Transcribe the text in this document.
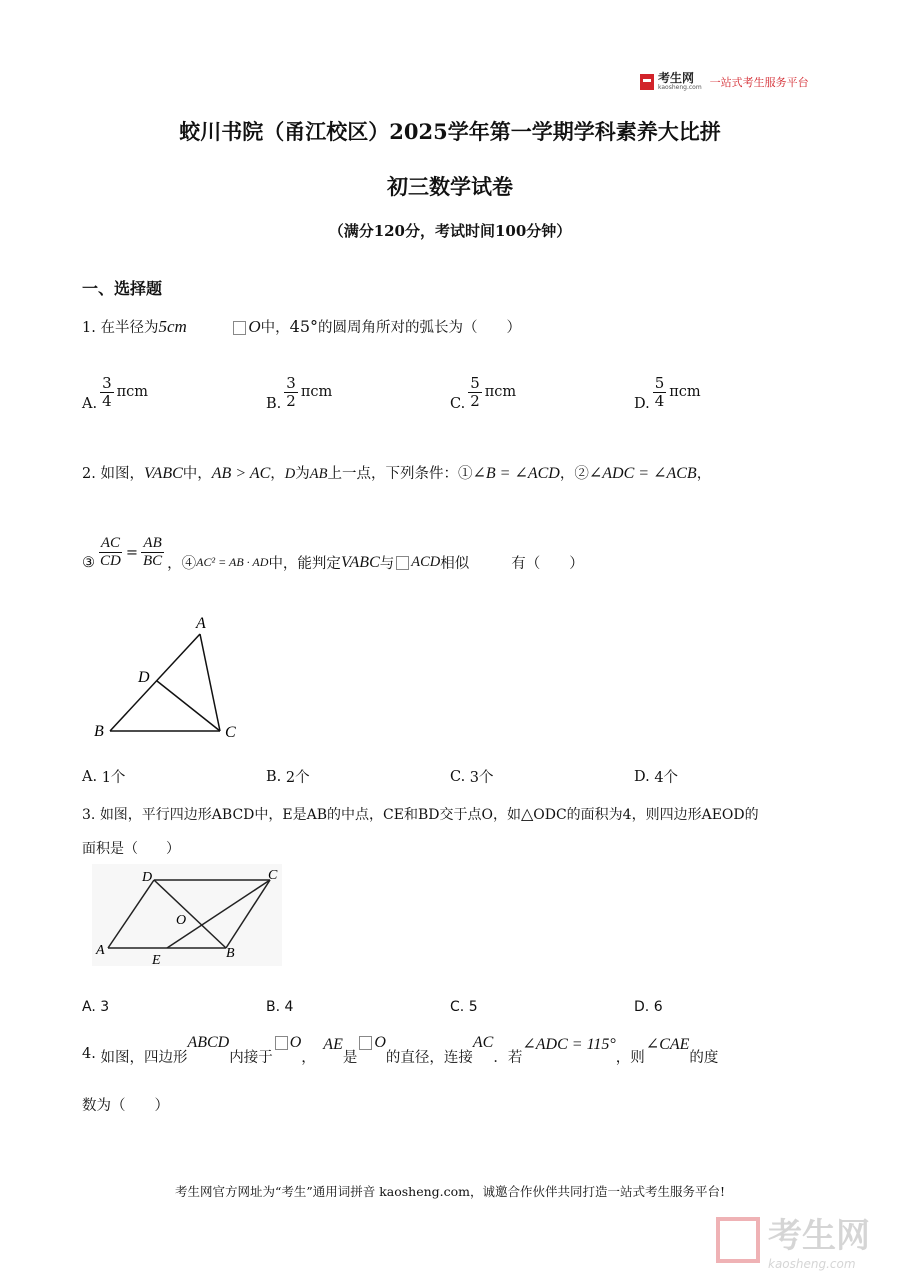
考生网
kaosheng.com 一站式考生服务平台
蛟川书院（甬江校区）2025学年第一学期学科素养大比拼
初三数学试卷
（满分120分，考试时间100分钟）
一、选择题
1. 在半径为5cm	O中，45°的圆周角所对的弧长为（　　）
A. $\frac{3}{4}$ πcm
B. $\frac{3}{2}$ πcm
C. $\frac{5}{2}$ πcm
D. $\frac{5}{4}$ πcm
2. 如图，VABC中，AB > AC，D为AB上一点，下列条件：①∠B = ∠ACD，②∠ADC = ∠ACB，
③ $\frac{AC}{CD} = \frac{AB}{BC}$ ，④ AC² = AB · AD 中，能判定 VABC 与 ACD 相似	有（　　）
A
D
B	C
A.
1个	B.
2个	C.
3个	D.
4个
3. 如图，平行四边形ABCD中，E是AB的中点，CE和BD交于点O，如△ODC的面积为4，则四边形AEOD的
面积是（　　）
A	B
C
D
E
O
A.
3	B.
4	C.
5	D.
6
4.
如图，四边形
ABCD
内接于
O
，
AE
是
O
的直径，连接
AC
．若
∠ADC = 115°
，则
∠CAE
的度
数为（　　）
考生网官方网址为“考生”通用词拼音 kaosheng.com，诚邀合作伙伴共同打造一站式考生服务平台!
考生网
kaosheng.com
